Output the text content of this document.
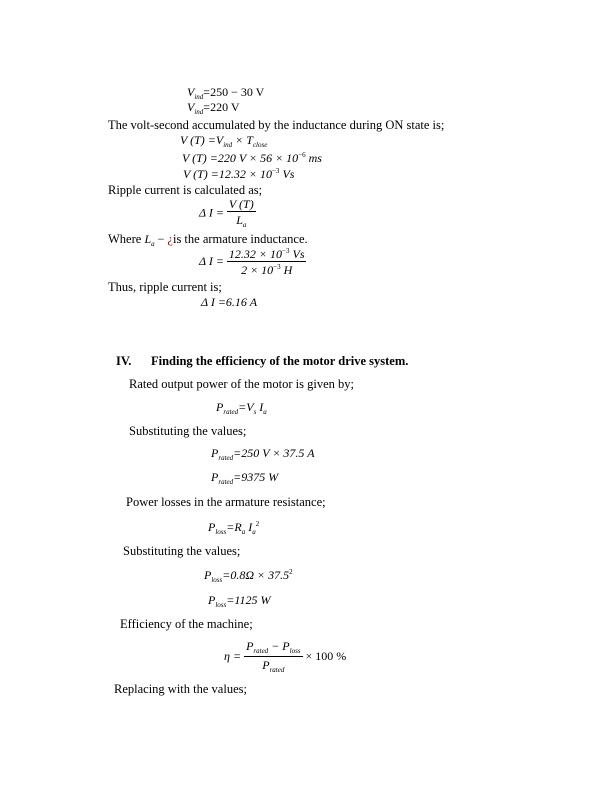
$V_{ind}=250 - 30$ V
$V_{ind}=220$ V
The volt-second accumulated by the inductance during ON state is;
V $(T) =V_{ind} \times T_{close}$
V (T) =220 $V \times 56 \times 10^{-6}$ ms
V $(T) =12.32 \times 10^{-3}$ Vs
Ripple current is calculated as;
Δ $I = \frac{V (T)}{L_a}$
Where $L_a$ − ¿is the armature inductance.
Δ $I = \frac{12.32 \times 10^{-3} Vs}{2 \times 10^{-3} H}$
Thus, ripple current is;
Δ I =6.16 A
IV. Finding the efficiency of the motor drive system.
Rated output power of the motor is given by;
$P_{rated}=V_s$ $I_a$
Substituting the values;
$P_{rated}=250$ V × 37.5 A
$P_{rated}=9375$ W
Power losses in the armature resistance;
$P_{loss}=R_a$ $I_a^2$
Substituting the values;
$P_{loss}=0.8\Omega \times 37.5^2$
$P_{loss}=1125$ W
Efficiency of the machine;
$\eta = \frac{P_{rated} - P_{loss}}{P_{rated}} \times 100$ %
Replacing with the values;
